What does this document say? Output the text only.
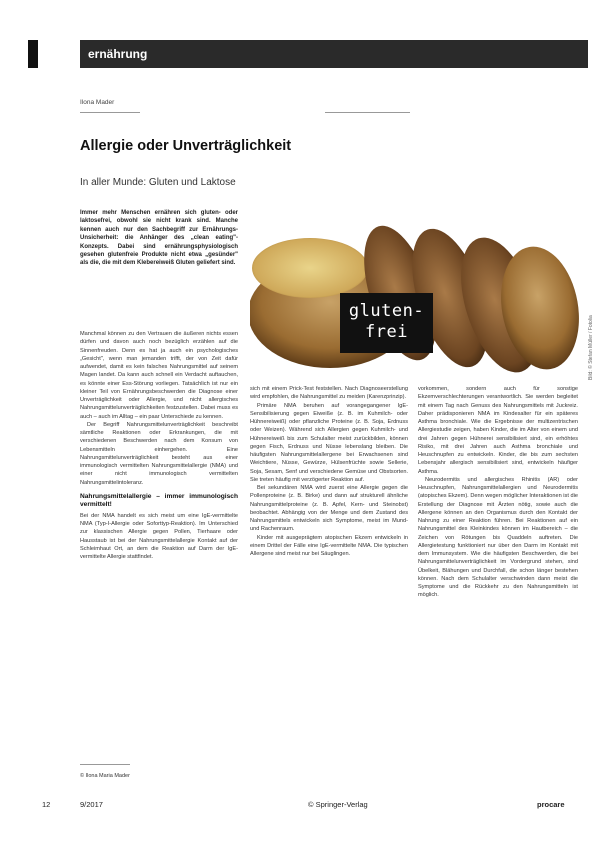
ernährung
Ilona Mader
Allergie oder Unverträglichkeit
In aller Munde: Gluten und Laktose
Immer mehr Menschen ernähren sich gluten- oder laktosefrei, obwohl sie nicht krank sind. Manche kennen auch nur den Sachbegriff zur Ernährungs-Unsicherheit: die Anhänger des „clean eating"-Konzepts. Dabei sind ernährungsphysiologisch gesehen glutenfreie Produkte nicht etwa „gesünder" als die, die mit dem Klebereiweiß Gluten geliefert sind.
gluten-
frei	Bild: © Stefan Müller / Fotolia

Manchmal können zu den Vertrauen die äußeren nichts essen dürfen und davon auch noch bezüglich erzählen auf die Sinnenfreuden. Denn es hat ja auch ein psychologisches „Gesicht", wenn man jemanden trifft, der von Zeit dafür aufwendet, damit es kein falsches Nahrungsmittel auf seinem Magen landet. Da kann auch schnell ein Verdacht auftauchen, es könnte einer Ess-Störung vorliegen. Tatsächlich ist nur ein kleiner Teil von Ernährungsbeschwerden die Diagnose einer Unverträglichkeit oder Allergie, und nicht allergisches Nahrungsmittelunverträglichkeiten festzustellen. Dabei muss es auch – auch im Alltag – ein paar Unterschiede zu kennen.

Der Begriff Nahrungsmittelunverträglichkeit beschreibt sämtliche Reaktionen oder Erkrankungen, die mit verschiedenen Beschwerden nach dem Konsum von Lebensmitteln einhergehen. Eine Nahrungsmittelunverträglichkeit besteht aus einer immunologisch vermittelten Nahrungsmittelallergie (NMA) und einer nicht immunologisch vermittelten Nahrungsmittelintoleranz.

Nahrungsmittelallergie – immer immunologisch vermittelt!

Bei der NMA handelt es sich meist um eine IgE-vermittelte NMA (Typ-I-Allergie oder Soforttyp-Reaktion). Im Unterschied zur klassischen Allergie gegen Pollen, Tierhaare oder Hausstaub ist bei der Nahrungsmittelallergie Kontakt auf der Schleimhaut Ort, an dem die Reaktion auf Darm der IgE-vermittelte Allergie stattfindet.

© Ilona Maria Mader

sich mit einem Prick-Test feststellen. Nach Diagnoseerstellung wird empfohlen, die Nahrungsmittel zu meiden (Karenzprinzip).

Primäre NMA beruhen auf vorangegangener IgE-Sensibilisierung gegen Eiweiße (z. B. im Kuhmilch- oder Hühnereiweiß) oder pflanzliche Proteine (z. B. Soja, Erdnuss oder Weizen). Während sich Allergien gegen Kuhmilch- und Hühnereiweiß bis zum Schulalter meist zurückbilden, können gegen Fisch, Erdnuss und Nüsse lebenslang bleiben. Die häufigsten Nahrungsmittelallergene bei Erwachsenen sind Weichtiere, Nüsse, Gewürze, Hülsenfrüchte sowie Sellerie, Soja, Sesam, Senf und verschiedene Gemüse und Obstsorten. Sie treten häufig mit verzögerter Reaktion auf.

Bei sekundären NMA wird zuerst eine Allergie gegen die Pollenproteine (z. B. Birke) und dann auf strukturell ähnliche Nahrungsmittelproteine (z. B. Apfel, Kern- und Steinobst) beobachtet. Abhängig von der Menge und dem Zustand des Nahrungsmittels entwickeln sich Symptome, meist im Mund- und Rachenraum.

Kinder mit ausgeprägtem atopischen Ekzem entwickeln in einem Drittel der Fälle eine IgE-vermittelte NMA. Die typischen Allergene sind meist nur bei Säuglingen.

vorkommen, sondern auch für sonstige Ekzemverschlechterungen verantwortlich. Sie werden begleitet mit einem Tag nach Genuss des Nahrungsmittels mit Juckreiz. Daher prädisponieren NMA im Kindesalter für ein späteres Asthma bronchiale. Wie die Ergebnisse der multizentrischen Allergiestudie zeigen, haben Kinder, die im Alter von einem und drei Jahren gegen Hühnerei sensibilisiert sind, ein erhöhtes Risiko, mit drei Jahren auch Asthma bronchiale und Heuschnupfen zu entwickeln. Kinder, die bis zum sechsten Lebensjahr allergisch sensibilisiert sind, entwickeln häufiger Asthma.

Neurodermitis und allergisches Rhinitis (AR) oder Heuschnupfen, Nahrungsmittelallergien und Neurodermitis (atopisches Ekzem). Denn wegen möglicher Interaktionen ist die Erstellung der Diagnose mit Ärzten nötig, sowie auch die Allergene können an den Organismus durch den Kontakt der Nahrung zu einer Reaktion führen. Bei Reaktionen auf ein Nahrungsmittel des Kleinkindes können im Hautbereich – die Zeichen von Rötungen bis Quaddeln auftreten. Die Allergietestung funktioniert nur über den Darm im Kontakt mit dem Immunsystem. Wie die häufigsten Beschwerden, die bei Nahrungsmittelunverträglichkeit im Vordergrund stehen, sind Übelkeit, Blähungen und Durchfall, die schon länger bestehen können. Nach dem Schulalter verschwinden dann meist die Symptome und die Rückkehr zu den Nahrungsmitteln ist möglich.

12	9/2017	© Springer-Verlag	procare
